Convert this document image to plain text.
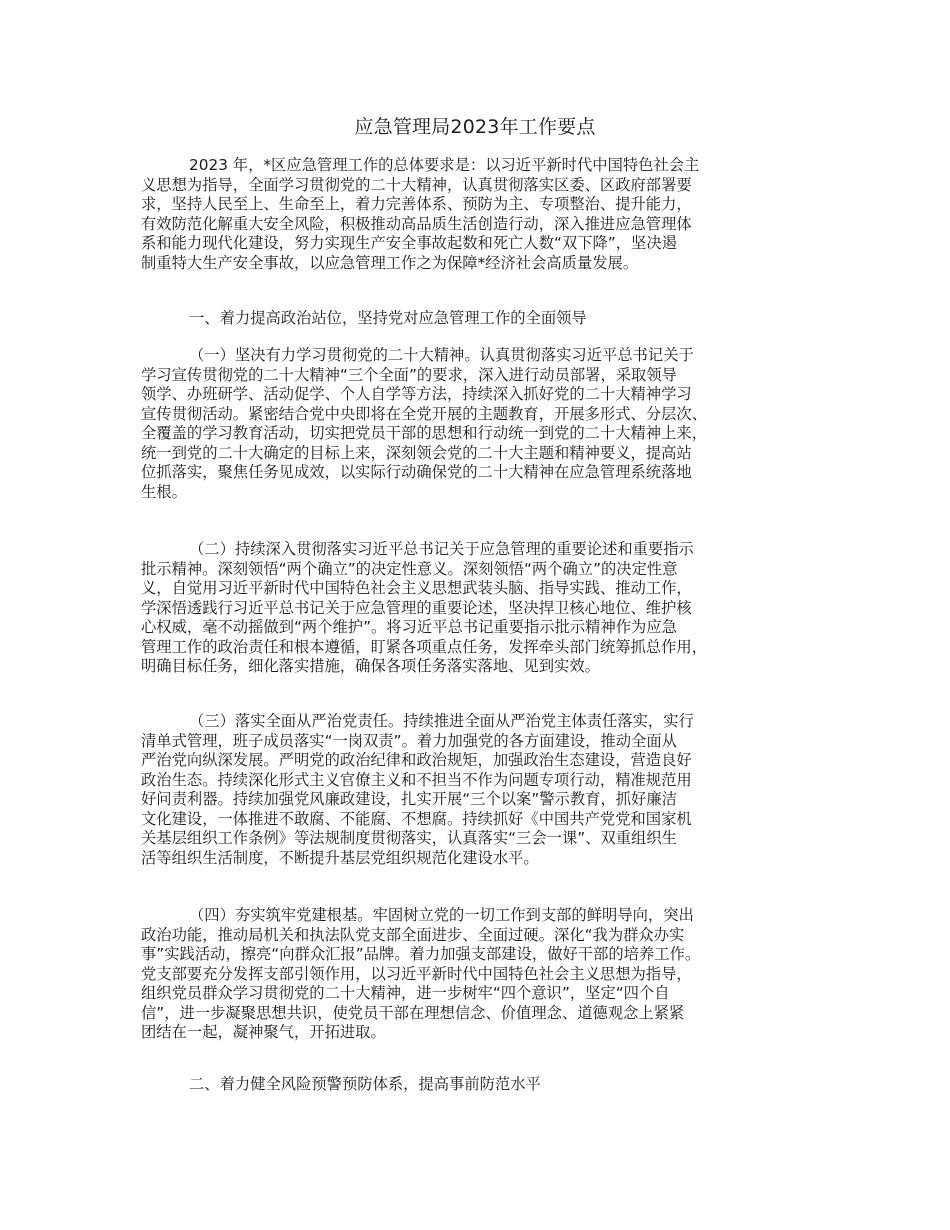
应急管理局2023年工作要点
2023 年，*区应急管理工作的总体要求是：以习近平新时代中国特色社会主
义思想为指导，全面学习贯彻党的二十大精神，认真贯彻落实区委、区政府部署要
求，坚持人民至上、生命至上，着力完善体系、预防为主、专项整治、提升能力，
有效防范化解重大安全风险，积极推动高品质生活创造行动，深入推进应急管理体
系和能力现代化建设，努力实现生产安全事故起数和死亡人数“双下降”，坚决遏
制重特大生产安全事故，以应急管理工作之为保障*经济社会高质量发展。
一、着力提高政治站位，坚持党对应急管理工作的全面领导
（一）坚决有力学习贯彻党的二十大精神。认真贯彻落实习近平总书记关于
学习宣传贯彻党的二十大精神“三个全面”的要求，深入进行动员部署，采取领导
领学、办班研学、活动促学、个人自学等方法，持续深入抓好党的二十大精神学习
宣传贯彻活动。紧密结合党中央即将在全党开展的主题教育，开展多形式、分层次、
全覆盖的学习教育活动，切实把党员干部的思想和行动统一到党的二十大精神上来，
统一到党的二十大确定的目标上来，深刻领会党的二十大主题和精神要义，提高站
位抓落实，聚焦任务见成效，以实际行动确保党的二十大精神在应急管理系统落地
生根。
（二）持续深入贯彻落实习近平总书记关于应急管理的重要论述和重要指示
批示精神。深刻领悟“两个确立”的决定性意义。深刻领悟“两个确立”的决定性意
义，自觉用习近平新时代中国特色社会主义思想武装头脑、指导实践、推动工作，
学深悟透践行习近平总书记关于应急管理的重要论述，坚决捍卫核心地位、维护核
心权威，毫不动摇做到“两个维护”。将习近平总书记重要指示批示精神作为应急
管理工作的政治责任和根本遵循，盯紧各项重点任务，发挥牵头部门统筹抓总作用，
明确目标任务，细化落实措施，确保各项任务落实落地、见到实效。
（三）落实全面从严治党责任。持续推进全面从严治党主体责任落实，实行
清单式管理，班子成员落实“一岗双责”。着力加强党的各方面建设，推动全面从
严治党向纵深发展。严明党的政治纪律和政治规矩，加强政治生态建设，营造良好
政治生态。持续深化形式主义官僚主义和不担当不作为问题专项行动，精准规范用
好问责利器。持续加强党风廉政建设，扎实开展“三个以案”警示教育，抓好廉洁
文化建设，一体推进不敢腐、不能腐、不想腐。持续抓好《中国共产党党和国家机
关基层组织工作条例》等法规制度贯彻落实，认真落实“三会一课”、双重组织生
活等组织生活制度，不断提升基层党组织规范化建设水平。
（四）夯实筑牢党建根基。牢固树立党的一切工作到支部的鲜明导向，突出
政治功能，推动局机关和执法队党支部全面进步、全面过硬。深化“我为群众办实
事”实践活动，擦亮“向群众汇报”品牌。着力加强支部建设，做好干部的培养工作。
党支部要充分发挥支部引领作用，以习近平新时代中国特色社会主义思想为指导，
组织党员群众学习贯彻党的二十大精神，进一步树牢“四个意识”，坚定“四个自
信”，进一步凝聚思想共识，使党员干部在理想信念、价值理念、道德观念上紧紧
团结在一起，凝神聚气，开拓进取。
二、着力健全风险预警预防体系，提高事前防范水平
